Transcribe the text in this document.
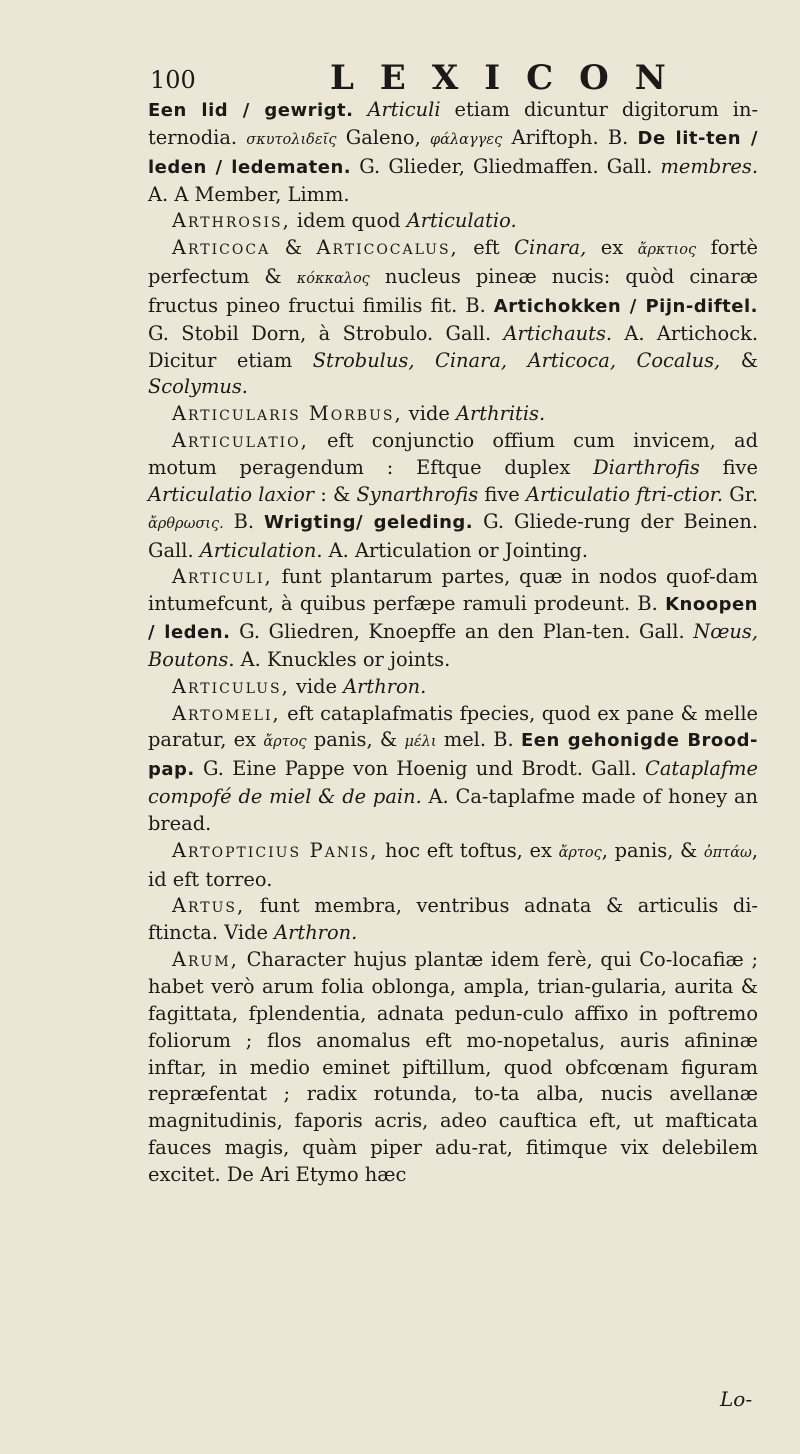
100	LEXICON

Een lid / gewrigt. Articuli etiam dicuntur digitorum in-ternodia. σκυτολιδεῖς Galeno, φάλαγγες Ariftoph. B. De lit-ten / leden / ledematen. G. Glieder, Gliedmaffen. Gall. membres. A. A Member, Limm.

Arthrosis, idem quod Articulatio.

Articoca & Articocalus, eft Cinara, ex ἄρκτιος fortè perfectum & κόκκαλος nucleus pineæ nucis: quòd cinaræ fructus pineo fructui fimilis fit. B. Artichokken / Pijn-diftel. G. Stobil Dorn, à Strobulo. Gall. Artichauts. A. Artichock. Dicitur etiam Strobulus, Cinara, Articoca, Cocalus, & Scolymus.

Articularis Morbus, vide Arthritis.

Articulatio, eft conjunctio offium cum invicem, ad motum peragendum : Eftque duplex Diarthrofis five Articulatio laxior : & Synarthrofis five Articulatio ftri-ctior. Gr. ἄρθρωσις. B. Wrigting/ geleding. G. Gliede-rung der Beinen. Gall. Articulation. A. Articulation or Jointing.

Articuli, funt plantarum partes, quæ in nodos quof-dam intumefcunt, à quibus perfæpe ramuli prodeunt. B. Knoopen / leden. G. Gliedren, Knoepffe an den Plan-ten. Gall. Nœus, Boutons. A. Knuckles or joints.

Articulus, vide Arthron.

Artomeli, eft cataplafmatis fpecies, quod ex pane & melle paratur, ex ἄρτος panis, & μέλι mel. B. Een gehonigde Brood-pap. G. Eine Pappe von Hoenig und Brodt. Gall. Cataplafme compofé de miel & de pain. A. Ca-taplafme made of honey an bread.

Artopticius Panis, hoc eft toftus, ex ἄρτος, panis, & ὀπτάω, id eft torreo.

Artus, funt membra, ventribus adnata & articulis di-ftincta. Vide Arthron.

Arum, Character hujus plantæ idem ferè, qui Co-locafiæ ; habet verò arum folia oblonga, ampla, trian-gularia, aurita & fagittata, fplendentia, adnata pedun-culo affixo in poftremo foliorum ; flos anomalus eft mo-nopetalus, auris afininæ inftar, in medio eminet piftillum, quod obfcœnam figuram repræfentat ; radix rotunda, to-ta alba, nucis avellanæ magnitudinis, faporis acris, adeo cauftica eft, ut mafticata fauces magis, quàm piper adu-rat, fitimque vix delebilem excitet. De Ari Etymo hæc

Lo-
